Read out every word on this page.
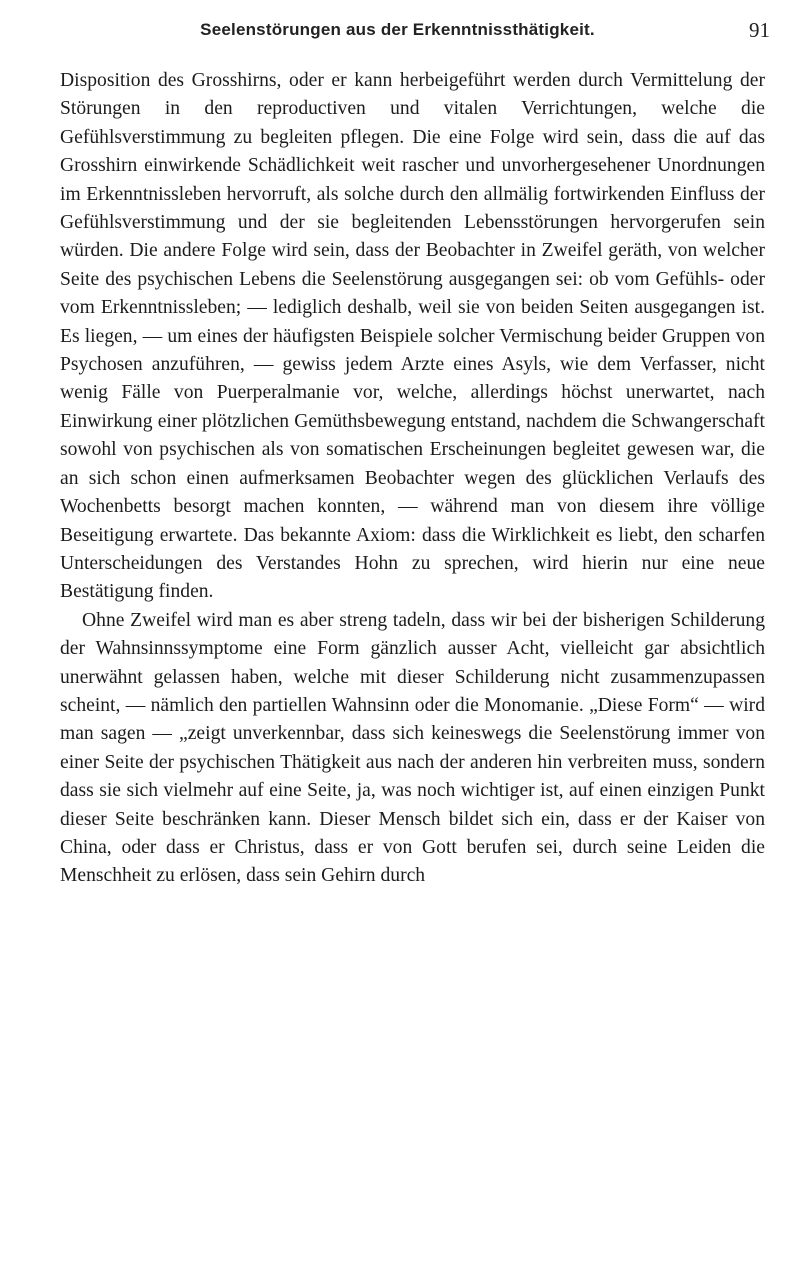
Seelenstörungen aus der Erkenntnissthätigkeit.	91

Disposition des Grosshirns, oder er kann herbeigeführt werden durch Vermittelung der Störungen in den reproductiven und vitalen Verrichtungen, welche die Gefühlsverstimmung zu begleiten pflegen. Die eine Folge wird sein, dass die auf das Grosshirn einwirkende Schädlichkeit weit rascher und unvorhergesehener Unordnungen im Erkenntnissleben hervorruft, als solche durch den allmälig fortwirkenden Einfluss der Gefühlsverstimmung und der sie begleitenden Lebensstörungen hervorgerufen sein würden. Die andere Folge wird sein, dass der Beobachter in Zweifel geräth, von welcher Seite des psychischen Lebens die Seelenstörung ausgegangen sei: ob vom Gefühls- oder vom Erkenntnissleben; — lediglich deshalb, weil sie von beiden Seiten ausgegangen ist. Es liegen, — um eines der häufigsten Beispiele solcher Vermischung beider Gruppen von Psychosen anzuführen, — gewiss jedem Arzte eines Asyls, wie dem Verfasser, nicht wenig Fälle von Puerperalmanie vor, welche, allerdings höchst unerwartet, nach Einwirkung einer plötzlichen Gemüthsbewegung entstand, nachdem die Schwangerschaft sowohl von psychischen als von somatischen Erscheinungen begleitet gewesen war, die an sich schon einen aufmerksamen Beobachter wegen des glücklichen Verlaufs des Wochenbetts besorgt machen konnten, — während man von diesem ihre völlige Beseitigung erwartete. Das bekannte Axiom: dass die Wirklichkeit es liebt, den scharfen Unterscheidungen des Verstandes Hohn zu sprechen, wird hierin nur eine neue Bestätigung finden.

Ohne Zweifel wird man es aber streng tadeln, dass wir bei der bisherigen Schilderung der Wahnsinnssymptome eine Form gänzlich ausser Acht, vielleicht gar absichtlich unerwähnt gelassen haben, welche mit dieser Schilderung nicht zusammenzupassen scheint, — nämlich den partiellen Wahnsinn oder die Monomanie. „Diese Form“ — wird man sagen — „zeigt unverkennbar, dass sich keineswegs die Seelenstörung immer von einer Seite der psychischen Thätigkeit aus nach der anderen hin verbreiten muss, sondern dass sie sich vielmehr auf eine Seite, ja, was noch wichtiger ist, auf einen einzigen Punkt dieser Seite beschränken kann. Dieser Mensch bildet sich ein, dass er der Kaiser von China, oder dass er Christus, dass er von Gott berufen sei, durch seine Leiden die Menschheit zu erlösen, dass sein Gehirn durch
